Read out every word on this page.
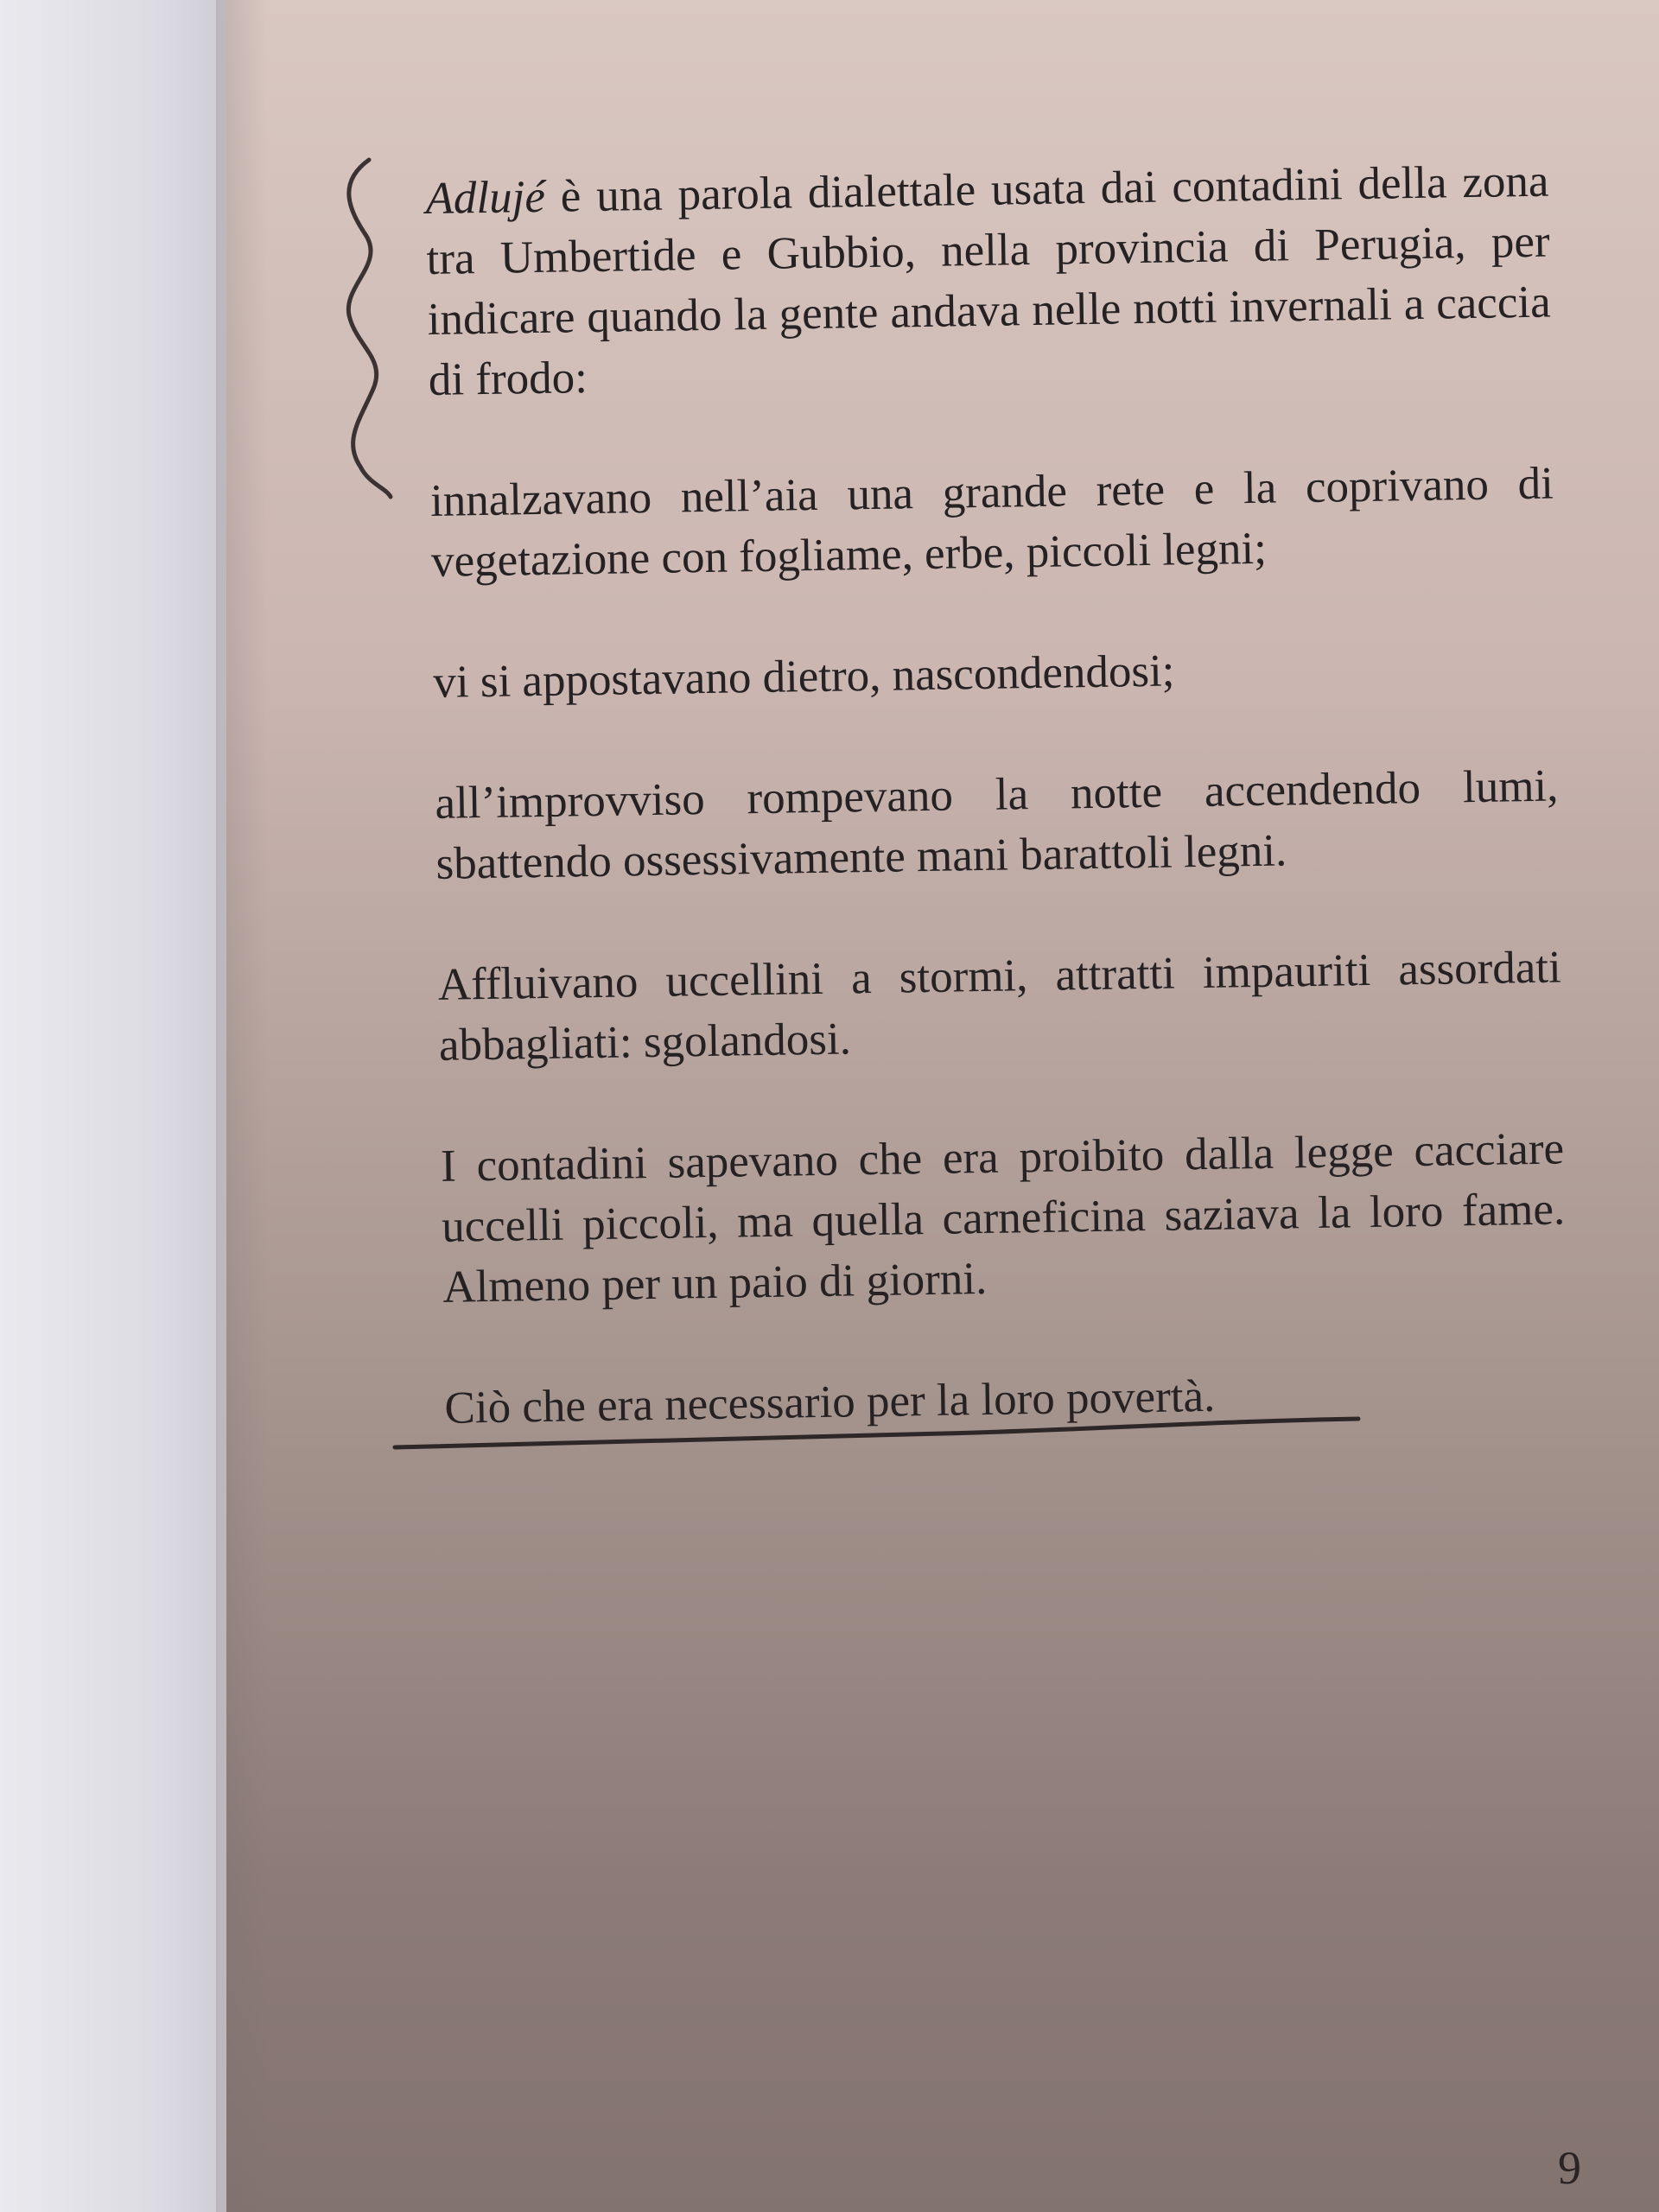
Adlujé è una parola dialettale usata dai contadini della zona tra Umbertide e Gubbio, nella provincia di Perugia, per indicare quando la gente andava nelle notti invernali a caccia di frodo:

innalzavano nell’aia una grande rete e la coprivano di vegetazione con fogliame, erbe, piccoli legni;

vi si appostavano dietro, nascondendosi;

all’improvviso rompevano la notte accendendo lumi, sbattendo ossessivamente mani barattoli legni.

Affluivano uccellini a stormi, attratti impauriti assordati abbagliati: sgolandosi.

I contadini sapevano che era proibito dalla legge cacciare uccelli piccoli, ma quella carneficina saziava la loro fame. Almeno per un paio di giorni.

Ciò che era necessario per la loro povertà.

9
